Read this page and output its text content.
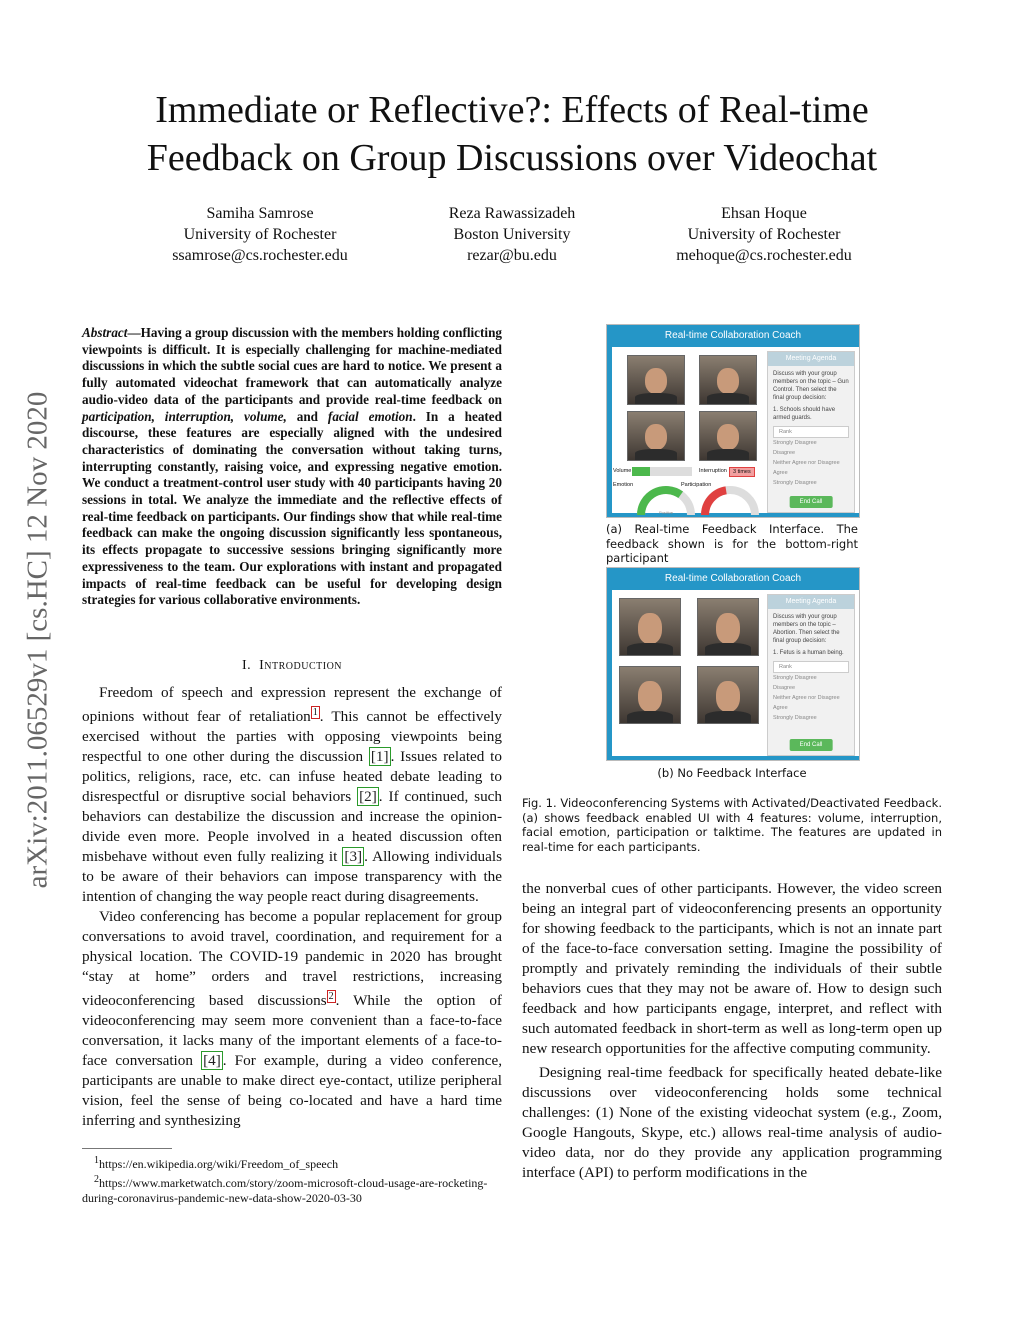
Immediate or Reflective?: Effects of Real-time
Feedback on Group Discussions over Videochat
Samiha Samrose
University of Rochester
ssamrose@cs.rochester.edu
Reza Rawassizadeh
Boston University
rezar@bu.edu
Ehsan Hoque
University of Rochester
mehoque@cs.rochester.edu
arXiv:2011.06529v1 [cs.HC] 12 Nov 2020
Abstract—Having a group discussion with the members holding conflicting viewpoints is difficult. It is especially challenging for machine-mediated discussions in which the subtle social cues are hard to notice. We present a fully automated videochat framework that can automatically analyze audio-video data of the participants and provide real-time feedback on participation, interruption, volume, and facial emotion. In a heated discourse, these features are especially aligned with the undesired characteristics of dominating the conversation without taking turns, interrupting constantly, raising voice, and expressing negative emotion. We conduct a treatment-control user study with 40 participants having 20 sessions in total. We analyze the immediate and the reflective effects of real-time feedback on participants. Our findings show that while real-time feedback can make the ongoing discussion significantly less spontaneous, its effects propagate to successive sessions bringing significantly more expressiveness to the team. Our explorations with instant and propagated impacts of real-time feedback can be useful for developing design strategies for various collaborative environments.
I. Introduction

Freedom of speech and expression represent the exchange of opinions without fear of retaliation $^1$ . This cannot be effectively exercised without the parties with opposing viewpoints being respectful to one other during the discussion [1] . Issues related to politics, religions, race, etc. can infuse heated debate leading to disrespectful or disruptive social behaviors [2] . If continued, such behaviors can destabilize the discussion and increase the opinion-divide even more. People involved in a heated discussion often misbehave without even fully realizing it [3] . Allowing individuals to be aware of their behaviors can impose transparency with the intention of changing the way people react during disagreements.

Video conferencing has become a popular replacement for group conversations to avoid travel, coordination, and requirement for a physical location. The COVID-19 pandemic in 2020 has brought “stay at home” orders and travel restrictions, increasing videoconferencing based discussions $^2$ . While the option of videoconferencing may seem more convenient than a face-to-face conversation, it lacks many of the important elements of a face-to-face conversation [4] . For example, during a video conference, participants are unable to make direct eye-contact, utilize peripheral vision, feel the sense of being co-located and have a hard time inferring and synthesizing

$^1$https://en.wikipedia.org/wiki/Freedom_of_speech
$^2$https://www.marketwatch.com/story/zoom-microsoft-cloud-usage-are-rocketing-during-coronavirus-pandemic-new-data-show-2020-03-30
Real-time Collaboration Coach
Volume	Interruption	3 times
Emotion	Participation
Positive
Meeting Agenda
Discuss with your group members on the topic – Gun Control. Then select the final group decision:
1. Schools should have armed guards.
Rank
Strongly Disagree
Disagree
Neither Agree nor Disagree
Agree
Strongly Disagree
End Call
(a) Real-time Feedback Interface. The feedback shown is for the bottom-right participant
Real-time Collaboration Coach
Meeting Agenda
Discuss with your group members on the topic – Abortion. Then select the final group decision:
1. Fetus is a human being.
Rank
Strongly Disagree
Disagree
Neither Agree nor Disagree
Agree
Strongly Disagree
End Call
(b) No Feedback Interface
Fig. 1. Videoconferencing Systems with Activated/Deactivated Feedback. (a) shows feedback enabled UI with 4 features: volume, interruption, facial emotion, participation or talktime. The features are updated in real-time for each participants.

the nonverbal cues of other participants. However, the video screen being an integral part of videoconferencing presents an opportunity for showing feedback to the participants, which is not an innate part of the face-to-face conversation setting. Imagine the possibility of promptly and privately reminding the individuals of their subtle behaviors cues that they may not be aware of. How to design such feedback and how participants engage, interpret, and reflect with such automated feedback in short-term as well as long-term open up new research opportunities for the affective computing community.

Designing real-time feedback for specifically heated debate-like discussions over videoconferencing holds some technical challenges: (1) None of the existing videochat system (e.g., Zoom, Google Hangouts, Skype, etc.) allows real-time analysis of audio-video data, nor do they provide any application programming interface (API) to perform modifications in the
